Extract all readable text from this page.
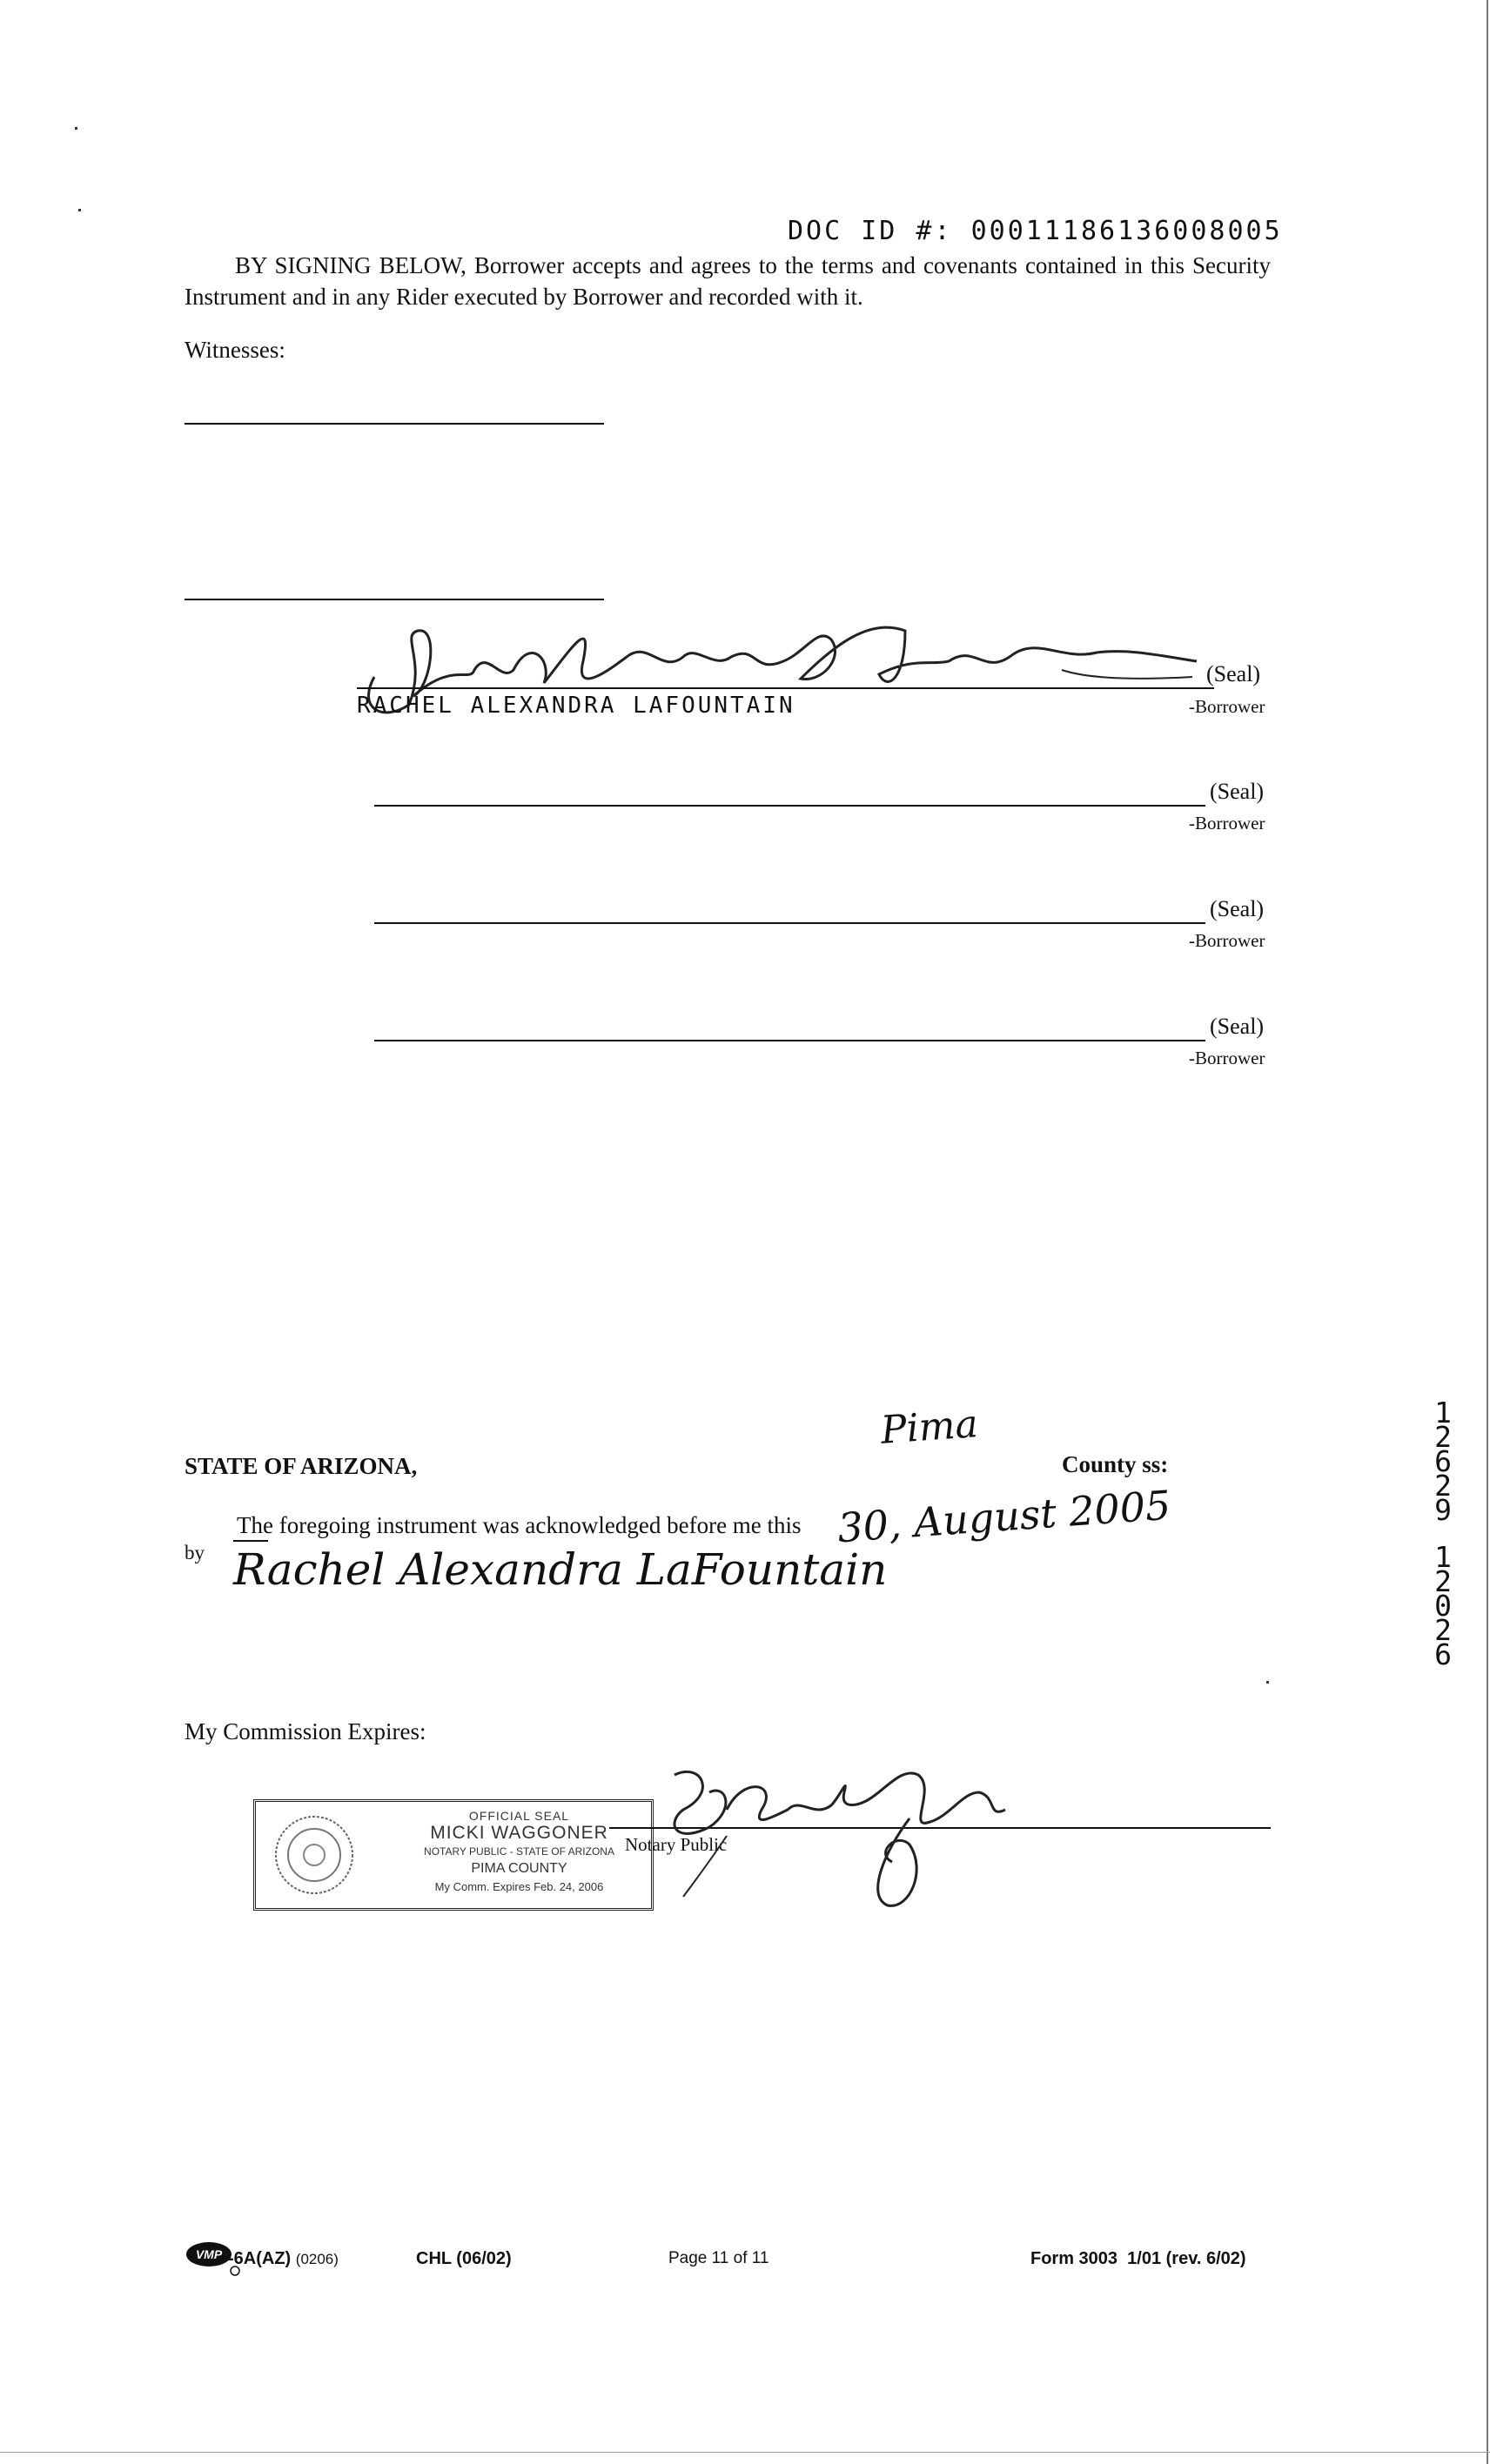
DOC ID #: 00011186136008005
BY SIGNING BELOW, Borrower accepts and agrees to the terms and covenants contained in this Security Instrument and in any Rider executed by Borrower and recorded with it.
Witnesses:
(Seal)
RACHEL ALEXANDRA LAFOUNTAIN	-Borrower
(Seal)
-Borrower
(Seal)
-Borrower
(Seal)
-Borrower
STATE OF ARIZONA,
Pima
County ss:
The foregoing instrument was acknowledged before me this 30, August 2005
by Rachel Alexandra LaFountain
My Commission Expires:
OFFICIAL SEAL
MICKI WAGGONER
NOTARY PUBLIC - STATE OF ARIZONA
PIMA COUNTY
My Comm. Expires Feb. 24, 2006
Notary Public
1
2
6
2
9
1
2
0
2
6
VMP -6A(AZ) (0206)	CHL (06/02)	Page 11 of 11	Form 3003  1/01 (rev. 6/02)
